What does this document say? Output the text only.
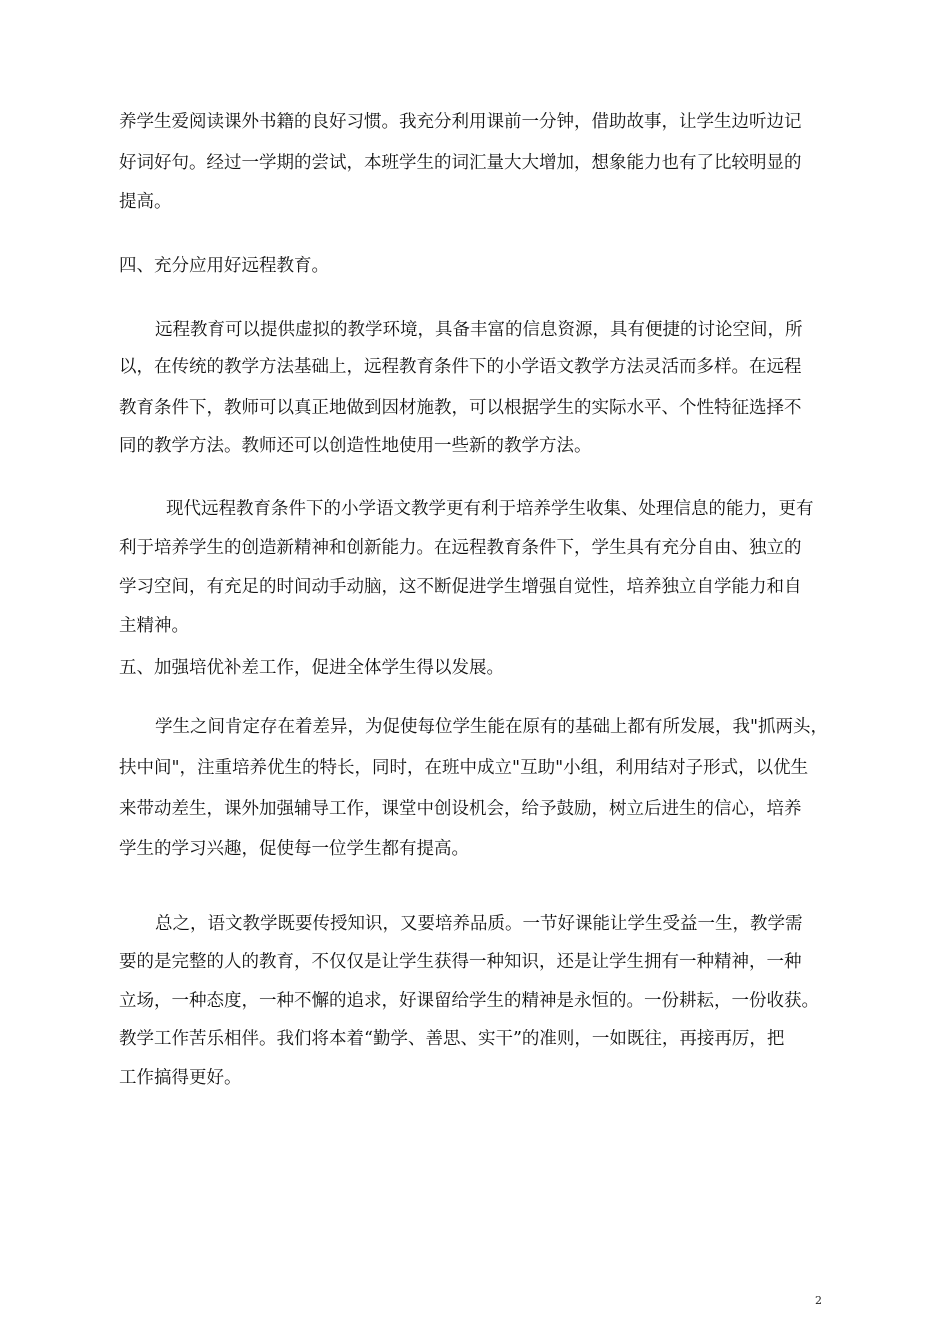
养学生爱阅读课外书籍的良好习惯。我充分利用课前一分钟，借助故事，让学生边听边记

好词好句。经过一学期的尝试，本班学生的词汇量大大增加，想象能力也有了比较明显的

提高。

四、充分应用好远程教育。

远程教育可以提供虚拟的教学环境，具备丰富的信息资源，具有便捷的讨论空间，所

以，在传统的教学方法基础上，远程教育条件下的小学语文教学方法灵活而多样。在远程

教育条件下，教师可以真正地做到因材施教，可以根据学生的实际水平、个性特征选择不

同的教学方法。教师还可以创造性地使用一些新的教学方法。

现代远程教育条件下的小学语文教学更有利于培养学生收集、处理信息的能力，更有

利于培养学生的创造新精神和创新能力。在远程教育条件下，学生具有充分自由、独立的

学习空间，有充足的时间动手动脑，这不断促进学生增强自觉性，培养独立自学能力和自

主精神。

五、加强培优补差工作，促进全体学生得以发展。

学生之间肯定存在着差异，为促使每位学生能在原有的基础上都有所发展，我"抓两头，

扶中间"，注重培养优生的特长，同时，在班中成立"互助"小组，利用结对子形式，以优生

来带动差生，课外加强辅导工作，课堂中创设机会，给予鼓励，树立后进生的信心，培养

学生的学习兴趣，促使每一位学生都有提高。

总之，语文教学既要传授知识，又要培养品质。一节好课能让学生受益一生，教学需

要的是完整的人的教育，不仅仅是让学生获得一种知识，还是让学生拥有一种精神，一种

立场，一种态度，一种不懈的追求，好课留给学生的精神是永恒的。一份耕耘，一份收获。

教学工作苦乐相伴。我们将本着“勤学、善思、实干”的准则，一如既往，再接再厉，把

工作搞得更好。

2
